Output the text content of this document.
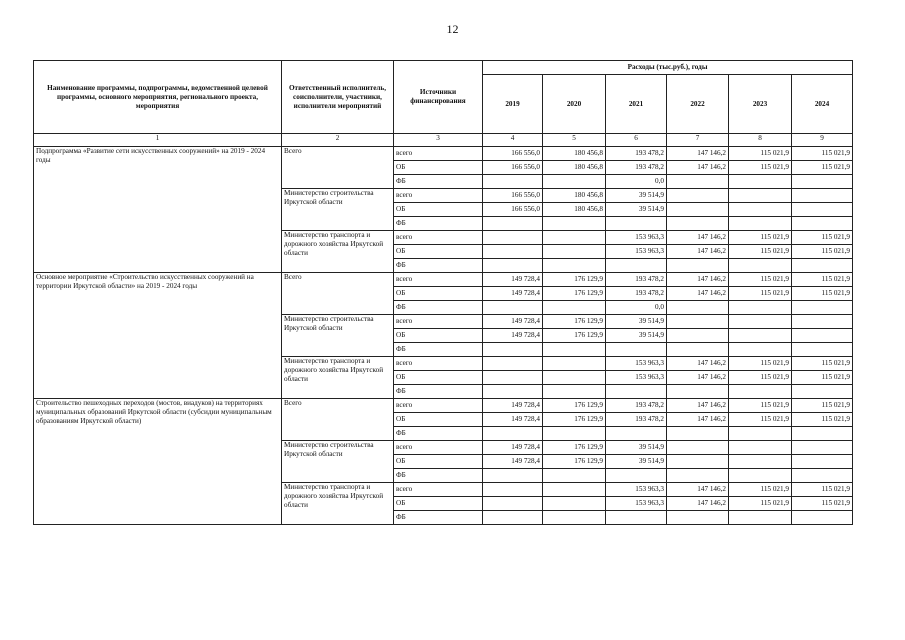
12
Наименование программы, подпрограммы, ведомственной целевой программы, основного мероприятия, регионального проекта, мероприятия	Ответственный исполнитель, соисполнители, участники, исполнители мероприятий	Источники финансирования	Расходы (тыс.руб.), годы					
			2019	2020	2021	2022	2023	2024
1	2	3	4	5	6	7	8	9
Подпрограмма «Развитие сети искусственных сооружений» на 2019 - 2024 годы	Всего	всего	166 556,0	180 456,8	193 478,2	147 146,2	115 021,9	115 021,9
		ОБ	166 556,0	180 456,8	193 478,2	147 146,2	115 021,9	115 021,9
		ФБ			0,0			
	Министерство строительства Иркутской области	всего	166 556,0	180 456,8	39 514,9			
		ОБ	166 556,0	180 456,8	39 514,9			
		ФБ						
	Министерство транспорта и дорожного хозяйства Иркутской области	всего			153 963,3	147 146,2	115 021,9	115 021,9
		ОБ			153 963,3	147 146,2	115 021,9	115 021,9
		ФБ						
Основное мероприятие «Строительство искусственных сооружений на территории Иркутской области» на 2019 - 2024 годы	Всего	всего	149 728,4	176 129,9	193 478,2	147 146,2	115 021,9	115 021,9
		ОБ	149 728,4	176 129,9	193 478,2	147 146,2	115 021,9	115 021,9
		ФБ			0,0			
	Министерство строительства Иркутской области	всего	149 728,4	176 129,9	39 514,9			
		ОБ	149 728,4	176 129,9	39 514,9			
		ФБ						
	Министерство транспорта и дорожного хозяйства Иркутской области	всего			153 963,3	147 146,2	115 021,9	115 021,9
		ОБ			153 963,3	147 146,2	115 021,9	115 021,9
		ФБ						
Строительство пешеходных переходов (мостов, виадуков) на территориях муниципальных образований Иркутской области (субсидии муниципальным образованиям Иркутской области)	Всего	всего	149 728,4	176 129,9	193 478,2	147 146,2	115 021,9	115 021,9
		ОБ	149 728,4	176 129,9	193 478,2	147 146,2	115 021,9	115 021,9
		ФБ						
	Министерство строительства Иркутской области	всего	149 728,4	176 129,9	39 514,9			
		ОБ	149 728,4	176 129,9	39 514,9			
		ФБ						
	Министерство транспорта и дорожного хозяйства Иркутской области	всего			153 963,3	147 146,2	115 021,9	115 021,9
		ОБ			153 963,3	147 146,2	115 021,9	115 021,9
		ФБ						
